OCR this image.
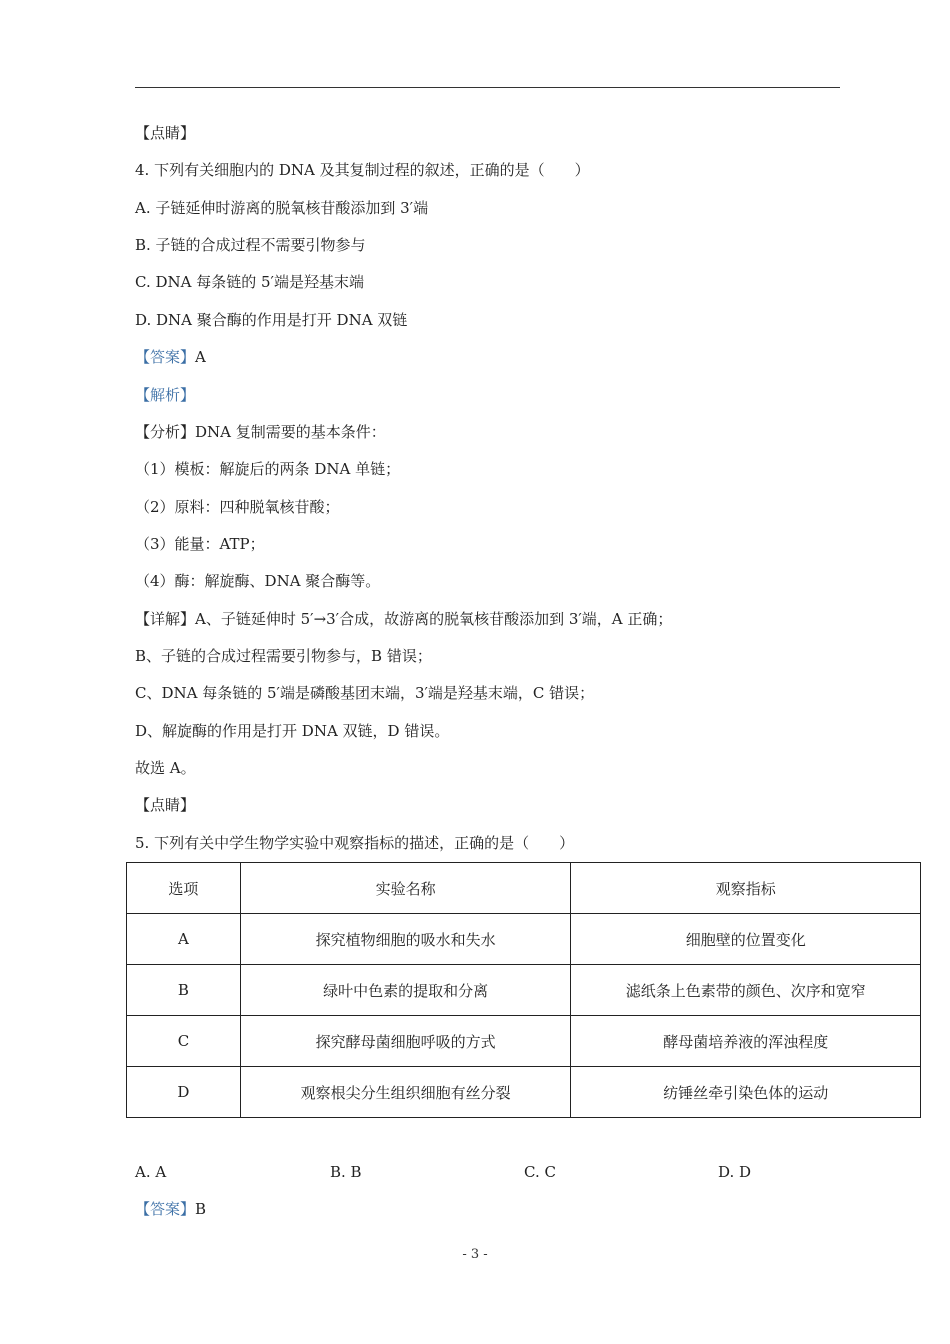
【点睛】
4. 下列有关细胞内的 DNA 及其复制过程的叙述，正确的是（　　）
A. 子链延伸时游离的脱氧核苷酸添加到 3′端
B. 子链的合成过程不需要引物参与
C. DNA 每条链的 5′端是羟基末端
D. DNA 聚合酶的作用是打开 DNA 双链
【答案】A
【解析】
【分析】DNA 复制需要的基本条件：
（1）模板：解旋后的两条 DNA 单链；
（2）原料：四种脱氧核苷酸；
（3）能量：ATP；
（4）酶：解旋酶、DNA 聚合酶等。
【详解】A、子链延伸时 5′→3′合成，故游离的脱氧核苷酸添加到 3′端，A 正确；
B、子链的合成过程需要引物参与，B 错误；
C、DNA 每条链的 5′端是磷酸基团末端，3′端是羟基末端，C 错误；
D、解旋酶的作用是打开 DNA 双链，D 错误。
故选 A。
【点睛】
5. 下列有关中学生物学实验中观察指标的描述，正确的是（　　）
选项	实验名称	观察指标
A	探究植物细胞的吸水和失水	细胞壁的位置变化
B	绿叶中色素的提取和分离	滤纸条上色素带的颜色、次序和宽窄
C	探究酵母菌细胞呼吸的方式	酵母菌培养液的浑浊程度
D	观察根尖分生组织细胞有丝分裂	纺锤丝牵引染色体的运动
A. A	B. B	C. C	D. D
【答案】B
- 3 -
